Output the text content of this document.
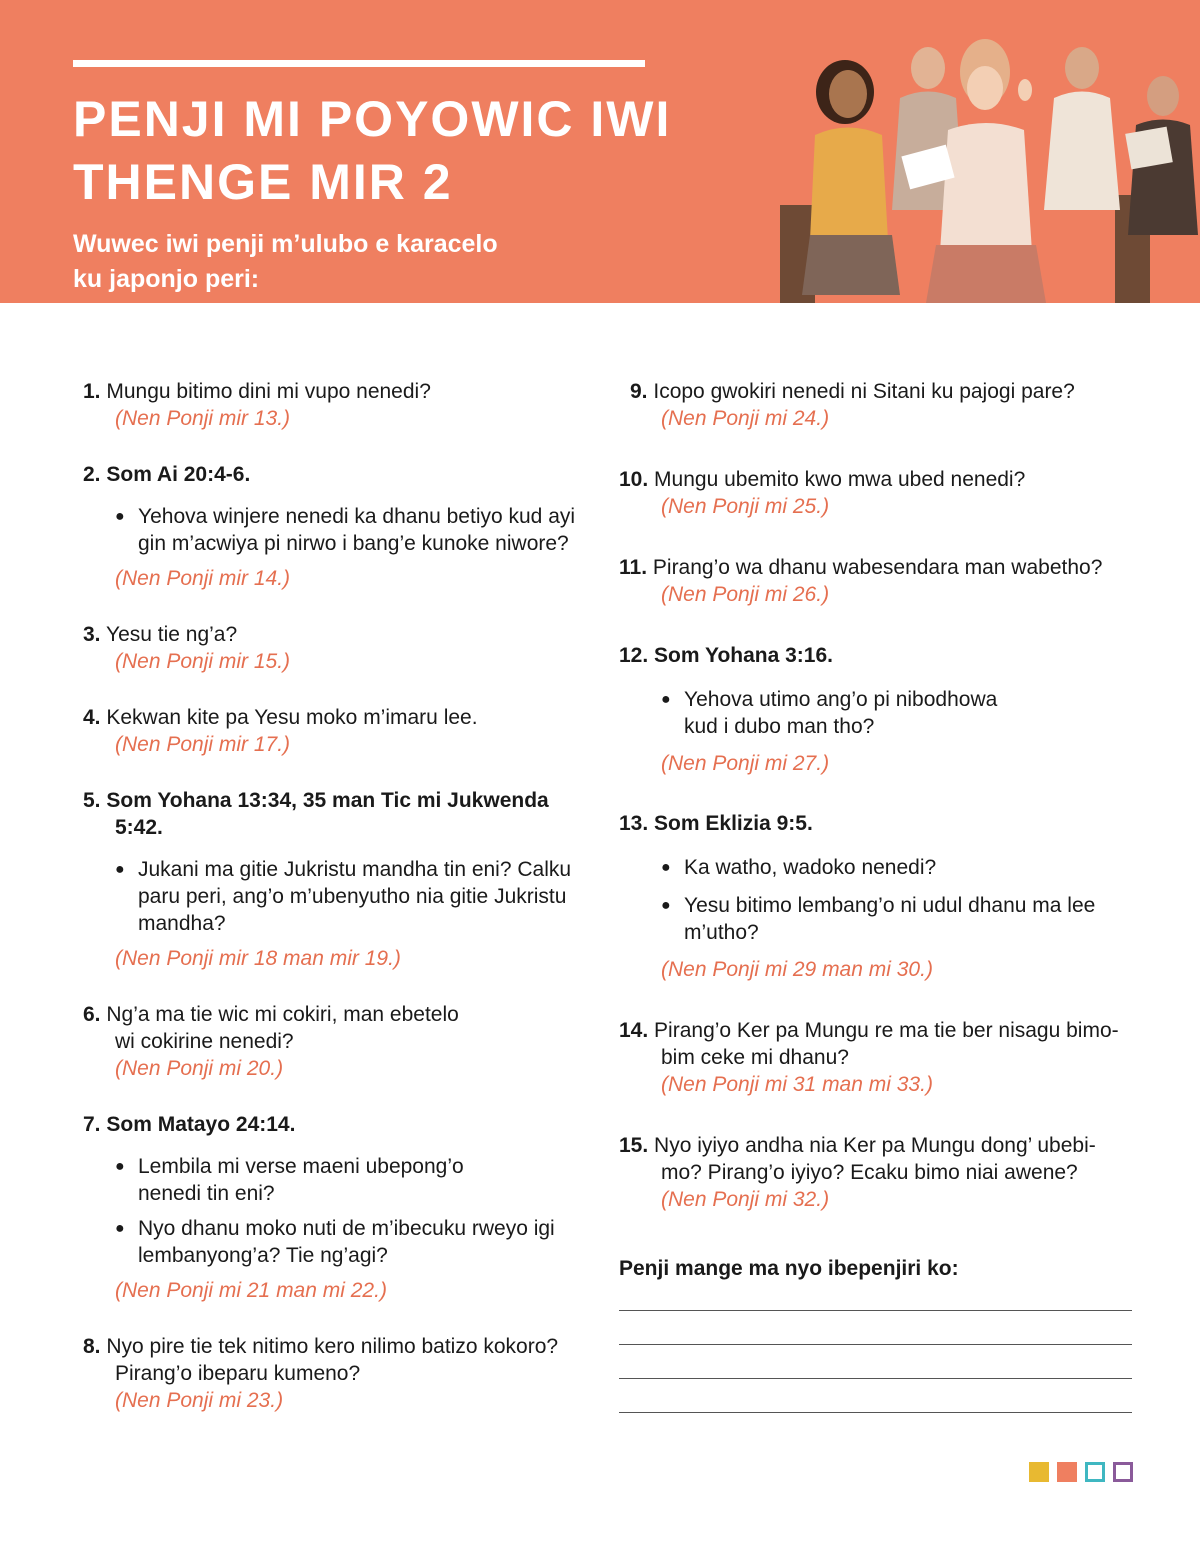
PENJI MI POYOWIC IWI
THENGE MIR 2

Wuwec iwi penji m’ulubo e karacelo
ku japonjo peri:

1. Mungu bitimo dini mi vupo nenedi?
(Nen Ponji mir 13.)
2. Som Ai 20:4-6.
● Yehova winjere nenedi ka dhanu betiyo kud ayi
gin m’acwiya pi nirwo i bang’e kunoke niwore?
(Nen Ponji mir 14.)
3. Yesu tie ng’a?
(Nen Ponji mir 15.)
4. Kekwan kite pa Yesu moko m’imaru lee.
(Nen Ponji mir 17.)
5. Som Yohana 13:34, 35 man Tic mi Jukwenda
5:42.
● Jukani ma gitie Jukristu mandha tin eni? Calku
paru peri, ang’o m’ubenyutho nia gitie Jukristu
mandha?
(Nen Ponji mir 18 man mir 19.)
6. Ng’a ma tie wic mi cokiri, man ebetelo
wi cokirine nenedi?
(Nen Ponji mi 20.)
7. Som Matayo 24:14.
● Lembila mi verse maeni ubepong’o
nenedi tin eni?
● Nyo dhanu moko nuti de m’ibecuku rweyo igi
lembanyong’a? Tie ng’agi?
(Nen Ponji mi 21 man mi 22.)
8. Nyo pire tie tek nitimo kero nilimo batizo kokoro?
Pirang’o ibeparu kumeno?
(Nen Ponji mi 23.)
9. Icopo gwokiri nenedi ni Sitani ku pajogi pare?
(Nen Ponji mi 24.)
10. Mungu ubemito kwo mwa ubed nenedi?
(Nen Ponji mi 25.)
11. Pirang’o wa dhanu wabesendara man wabetho?
(Nen Ponji mi 26.)
12. Som Yohana 3:16.
● Yehova utimo ang’o pi nibodhowa
kud i dubo man tho?
(Nen Ponji mi 27.)
13. Som Eklizia 9:5.
● Ka watho, wadoko nenedi?
● Yesu bitimo lembang’o ni udul dhanu ma lee
m’utho?
(Nen Ponji mi 29 man mi 30.)
14. Pirang’o Ker pa Mungu re ma tie ber nisagu bimo-
bim ceke mi dhanu?
(Nen Ponji mi 31 man mi 33.)
15. Nyo iyiyo andha nia Ker pa Mungu dong’ ubebi-
mo? Pirang’o iyiyo? Ecaku bimo niai awene?
(Nen Ponji mi 32.)
Penji mange ma nyo ibepenjiri ko:
